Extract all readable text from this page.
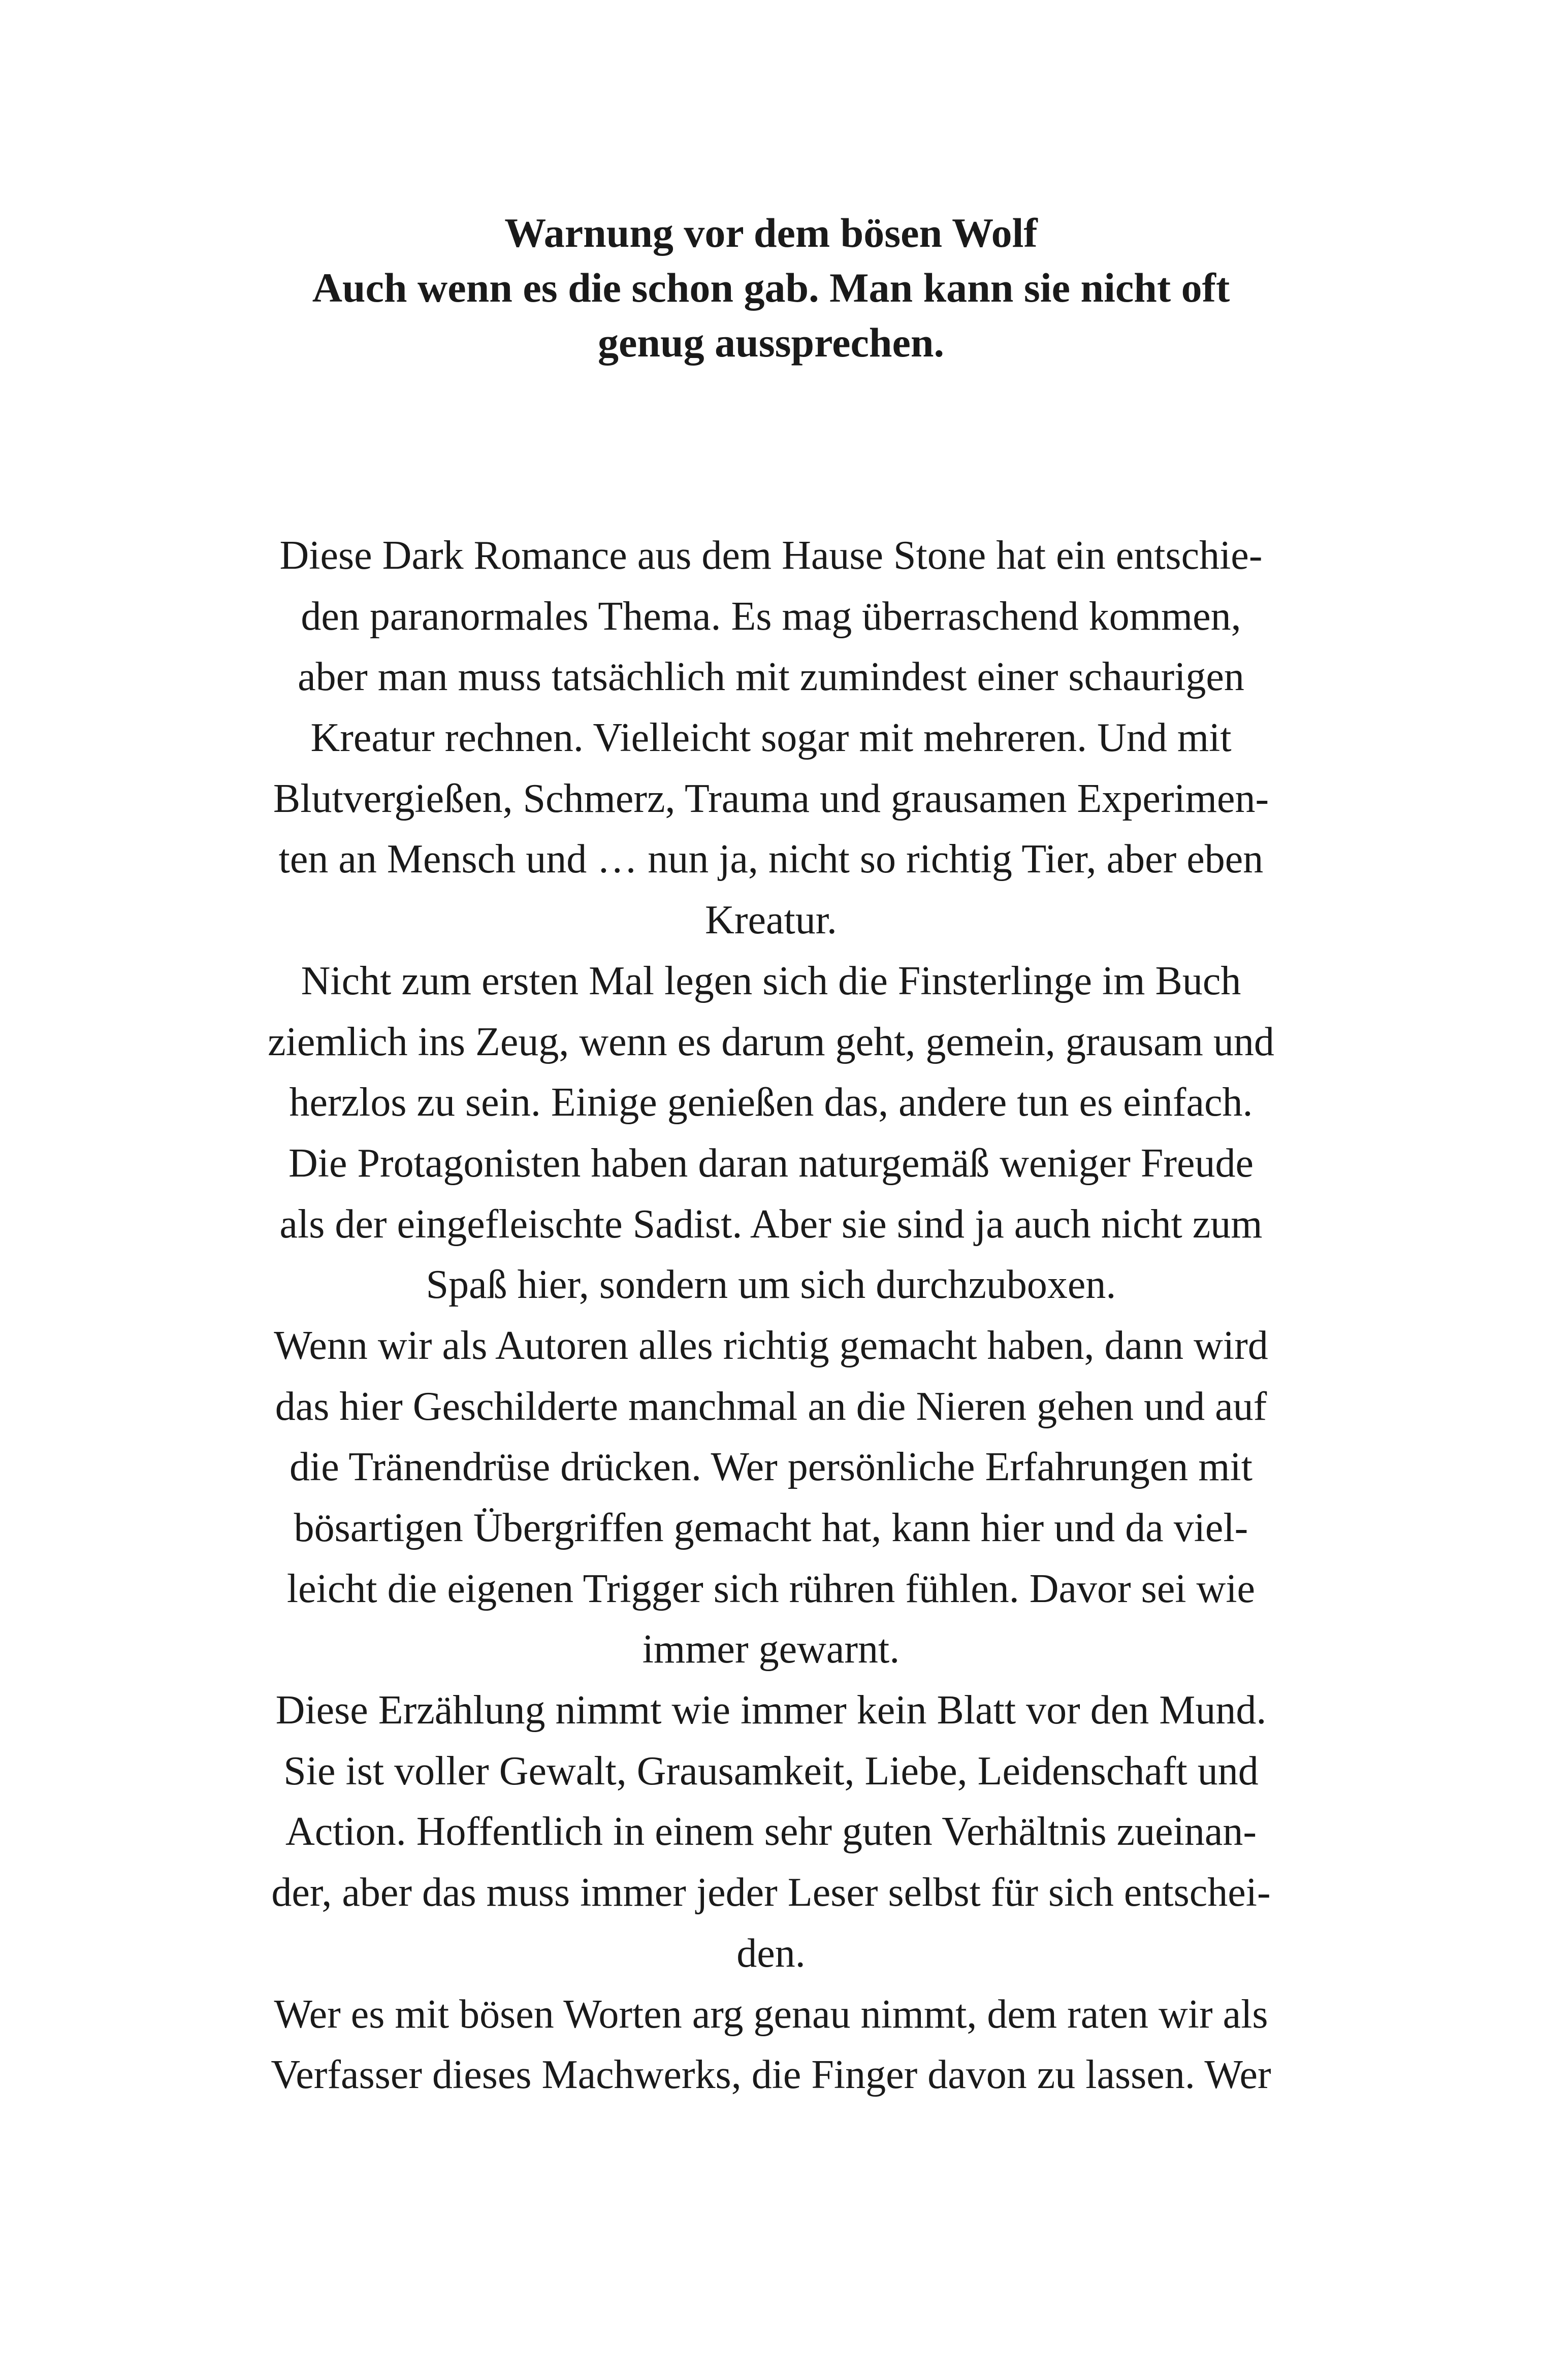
Warnung vor dem bösen Wolf
Auch wenn es die schon gab. Man kann sie nicht oft
genug aussprechen.
Diese Dark Romance aus dem Hause Stone hat ein entschie-
den paranormales Thema. Es mag überraschend kommen,
aber man muss tatsächlich mit zumindest einer schaurigen
Kreatur rechnen. Vielleicht sogar mit mehreren. Und mit
Blutvergießen, Schmerz, Trauma und grausamen Experimen-
ten an Mensch und … nun ja, nicht so richtig Tier, aber eben
Kreatur.
Nicht zum ersten Mal legen sich die Finsterlinge im Buch
ziemlich ins Zeug, wenn es darum geht, gemein, grausam und
herzlos zu sein. Einige genießen das, andere tun es einfach.
Die Protagonisten haben daran naturgemäß weniger Freude
als der eingefleischte Sadist. Aber sie sind ja auch nicht zum
Spaß hier, sondern um sich durchzuboxen.
Wenn wir als Autoren alles richtig gemacht haben, dann wird
das hier Geschilderte manchmal an die Nieren gehen und auf
die Tränendrüse drücken. Wer persönliche Erfahrungen mit
bösartigen Übergriffen gemacht hat, kann hier und da viel-
leicht die eigenen Trigger sich rühren fühlen. Davor sei wie
immer gewarnt.
Diese Erzählung nimmt wie immer kein Blatt vor den Mund.
Sie ist voller Gewalt, Grausamkeit, Liebe, Leidenschaft und
Action. Hoffentlich in einem sehr guten Verhältnis zueinan-
der, aber das muss immer jeder Leser selbst für sich entschei-
den.
Wer es mit bösen Worten arg genau nimmt, dem raten wir als
Verfasser dieses Machwerks, die Finger davon zu lassen. Wer
